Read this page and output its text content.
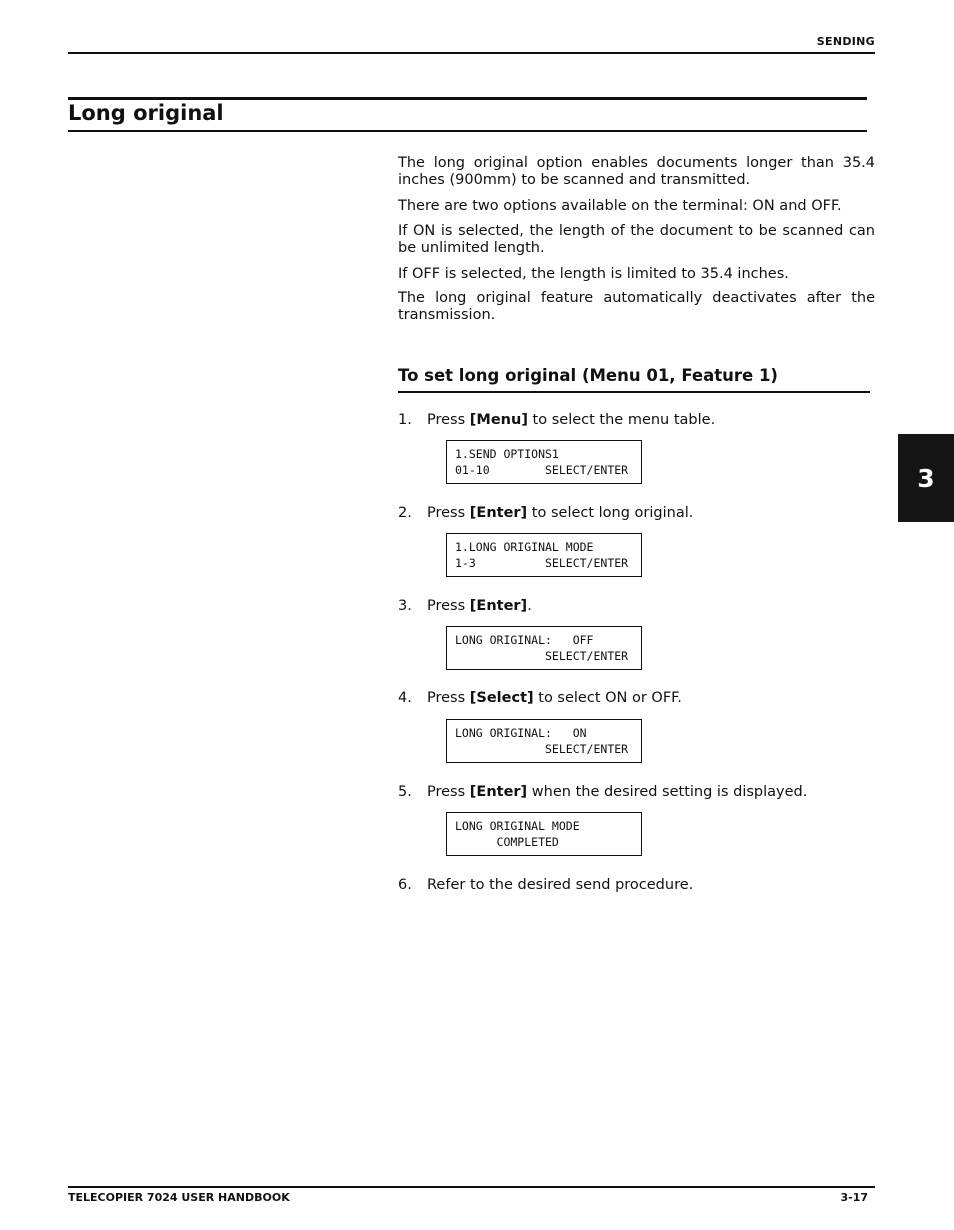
SENDING
Long original

The long original option enables documents longer than 35.4 inches (900mm) to be scanned and transmitted.

There are two options available on the terminal: ON and OFF.

If ON is selected, the length of the document to be scanned can be unlimited length.

If OFF is selected, the length is limited to 35.4 inches.

The long original feature automatically deactivates after the transmission.

To set long original (Menu 01, Feature 1)
1. Press [Menu] to select the menu table.
1.SEND OPTIONS1
01-10        SELECT/ENTER
2. Press [Enter] to select long original.
1.LONG ORIGINAL MODE
1-3          SELECT/ENTER
3. Press [Enter].
LONG ORIGINAL:   OFF
SELECT/ENTER
4. Press [Select] to select ON or OFF.
LONG ORIGINAL:   ON
SELECT/ENTER
5. Press [Enter] when the desired setting is displayed.
LONG ORIGINAL MODE
COMPLETED
6. Refer to the desired send procedure.
3
TELECOPIER 7024 USER HANDBOOK	3-17
